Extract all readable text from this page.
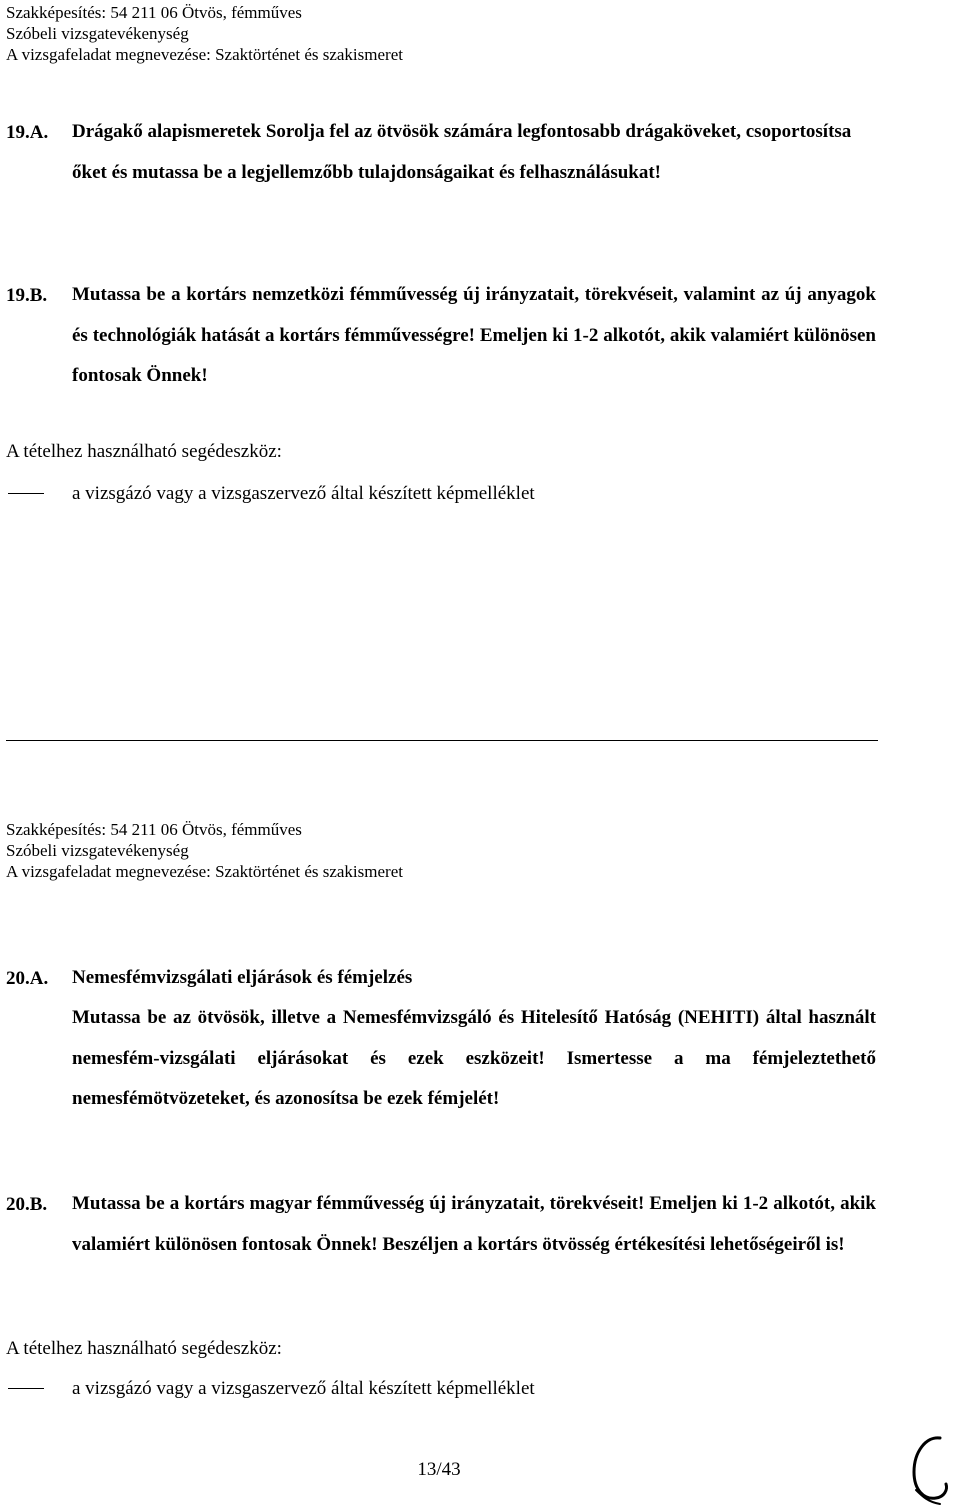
Szakképesítés: 54 211 06 Ötvös, fémműves
Szóbeli vizsgatevékenység
A vizsgafeladat megnevezése: Szaktörténet és szakismeret
19.A. Drágakő alapismeretek Sorolja fel az ötvösök számára legfontosabb drágaköveket, csoportosítsa őket és mutassa be a legjellemzőbb tulajdonságaikat és felhasználásukat!
19.B. Mutassa be a kortárs nemzetközi fémművesség új irányzatait, törekvéseit, valamint az új anyagok és technológiák hatását a kortárs fémművességre! Emeljen ki 1-2 alkotót, akik valamiért különösen fontosak Önnek!
A tételhez használható segédeszköz:
a vizsgázó vagy a vizsgaszervező által készített képmelléklet
Szakképesítés: 54 211 06 Ötvös, fémműves
Szóbeli vizsgatevékenység
A vizsgafeladat megnevezése: Szaktörténet és szakismeret
20.A. Nemesfémvizsgálati eljárások és fémjelzés
Mutassa be az ötvösök, illetve a Nemesfémvizsgáló és Hitelesítő Hatóság (NEHITI) által használt nemesfém-vizsgálati eljárásokat és ezek eszközeit! Ismertesse a ma fémjeleztethető nemesfémötvözeteket, és azonosítsa be ezek fémjelét!
20.B. Mutassa be a kortárs magyar fémművesség új irányzatait, törekvéseit! Emeljen ki 1-2 alkotót, akik valamiért különösen fontosak Önnek! Beszéljen a kortárs ötvösség értékesítési lehetőségeiről is!
A tételhez használható segédeszköz:
a vizsgázó vagy a vizsgaszervező által készített képmelléklet
13/43
